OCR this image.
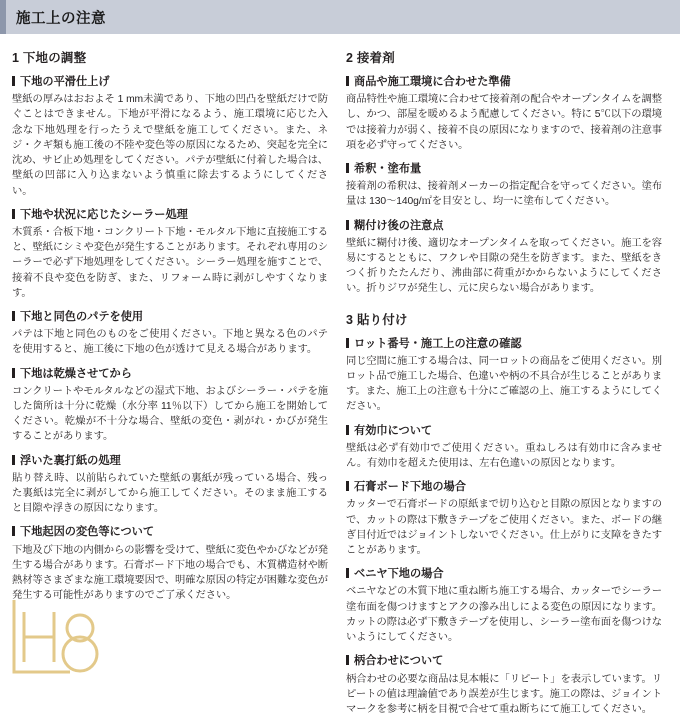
施工上の注意
1 下地の調整
下地の平滑仕上げ

壁紙の厚みはおおよそ 1 mm未満であり、下地の凹凸を壁紙だけで防ぐことはできません。下地が平滑になるよう、施工環境に応じた入念な下地処理を行ったうえで壁紙を施工してください。また、ネジ・クギ類も施工後の不陸や変色等の原因になるため、突起を完全に沈め、サビ止め処理をしてください。パテが壁紙に付着した場合は、壁紙の凹部に入り込まないよう慎重に除去するようにしてください。

下地や状況に応じたシーラー処理

木質系・合板下地・コンクリート下地・モルタル下地に直接施工すると、壁紙にシミや変色が発生することがあります。それぞれ専用のシーラーで必ず下地処理をしてください。シーラー処理を施すことで、接着不良や変色を防ぎ、また、リフォーム時に剥がしやすくなります。

下地と同色のパテを使用

パテは下地と同色のものをご使用ください。下地と異なる色のパテを使用すると、施工後に下地の色が透けて見える場合があります。

下地は乾燥させてから

コンクリートやモルタルなどの湿式下地、およびシーラー・パテを施した箇所は十分に乾燥（水分率 11％以下）してから施工を開始してください。乾燥が不十分な場合、壁紙の変色・剥がれ・かびが発生することがあります。

浮いた裏打紙の処理

貼り替え時、以前貼られていた壁紙の裏紙が残っている場合、残った裏紙は完全に剥がしてから施工してください。そのまま施工すると目隙や浮きの原因になります。

下地起因の変色等について

下地及び下地の内側からの影響を受けて、壁紙に変色やかびなどが発生する場合があります。石膏ボード下地の場合でも、木質構造材や断熱材等さまざまな施工環境要因で、明確な原因の特定が困難な変色が発生する可能性がありますのでご了承ください。

2 接着剤
商品や施工環境に合わせた準備

商品特性や施工環境に合わせて接着剤の配合やオープンタイムを調整し、かつ、部屋を暖めるよう配慮してください。特に 5℃以下の環境では接着力が弱く、接着不良の原因になりますので、接着剤の注意事項を必ず守ってください。

希釈・塗布量

接着剤の希釈は、接着剤メーカーの指定配合を守ってください。塗布量は 130～140g/㎡を目安とし、均一に塗布してください。

糊付け後の注意点

壁紙に糊付け後、適切なオープンタイムを取ってください。施工を容易にするとともに、フクレや目隙の発生を防ぎます。また、壁紙をきつく折りたたんだり、沸曲部に荷重がかからないようにしてください。折りジワが発生し、元に戻らない場合があります。

3 貼り付け
ロット番号・施工上の注意の確認

同じ空間に施工する場合は、同一ロットの商品をご使用ください。別ロット品で施工した場合、色違いや柄の不具合が生じることがあります。また、施工上の注意も十分にご確認の上、施工するようにしてください。

有効巾について

壁紙は必ず有効巾でご使用ください。重ねしろは有効巾に含みません。有効巾を超えた使用は、左右色違いの原因となります。

石膏ボード下地の場合

カッターで石膏ボードの原紙まで切り込むと目隙の原因となりますので、カットの際は下敷きテープをご使用ください。また、ボードの継ぎ目付近ではジョイントしないでください。仕上がりに支障をきたすことがあります。

ベニヤ下地の場合

ベニヤなどの木質下地に重ね断ち施工する場合、カッターでシーラー塗布面を傷つけますとアクの滲み出しによる変色の原因になります。カットの際は必ず下敷きテープを使用し、シーラー塗布面を傷つけないようにしてください。

柄合わせについて

柄合わせの必要な商品は見本帳に「リピート」を表示しています。リピートの値は理論値であり誤差が生じます。施工の際は、ジョイントマークを参考に柄を目視で合せて重ね断ちにて施工してください。
